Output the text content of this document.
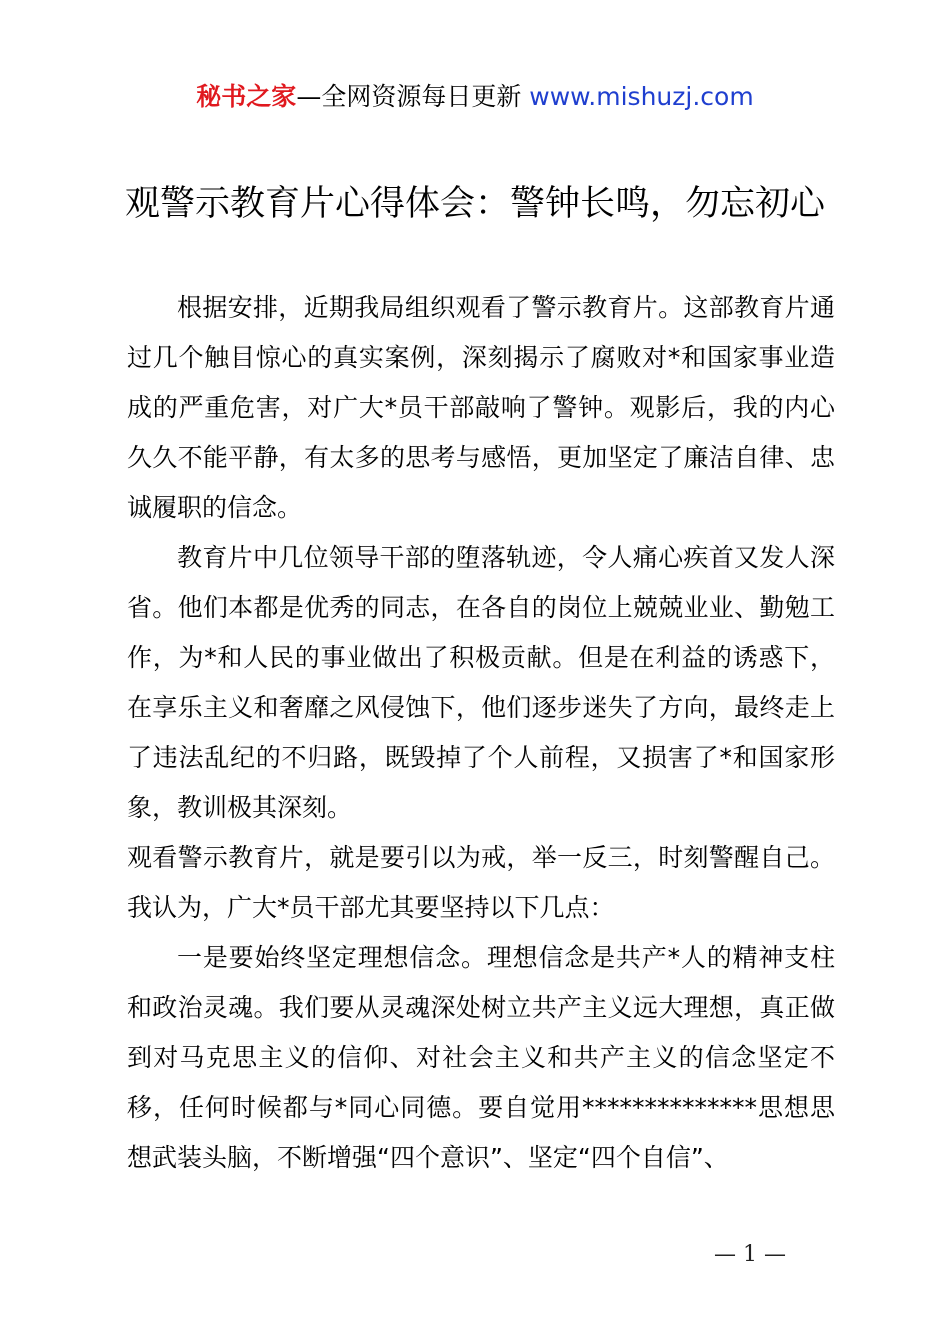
秘书之家—全网资源每日更新 www.mishuzj.com
观警示教育片心得体会：警钟长鸣，勿忘初心

根据安排，近期我局组织观看了警示教育片。这部教育片通过几个触目惊心的真实案例，深刻揭示了腐败对*和国家事业造成的严重危害，对广大*员干部敲响了警钟。观影后，我的内心久久不能平静，有太多的思考与感悟，更加坚定了廉洁自律、忠诚履职的信念。

教育片中几位领导干部的堕落轨迹，令人痛心疾首又发人深省。他们本都是优秀的同志，在各自的岗位上兢兢业业、勤勉工作，为*和人民的事业做出了积极贡献。但是在利益的诱惑下，在享乐主义和奢靡之风侵蚀下，他们逐步迷失了方向，最终走上了违法乱纪的不归路，既毁掉了个人前程，又损害了*和国家形象，教训极其深刻。

观看警示教育片，就是要引以为戒，举一反三，时刻警醒自己。我认为，广大*员干部尤其要坚持以下几点：

一是要始终坚定理想信念。理想信念是共产*人的精神支柱和政治灵魂。我们要从灵魂深处树立共产主义远大理想，真正做到对马克思主义的信仰、对社会主义和共产主义的信念坚定不移，任何时候都与*同心同德。要自觉用**************思想思想武装头脑，不断增强“四个意识”、坚定“四个自信”、

— 1 —
